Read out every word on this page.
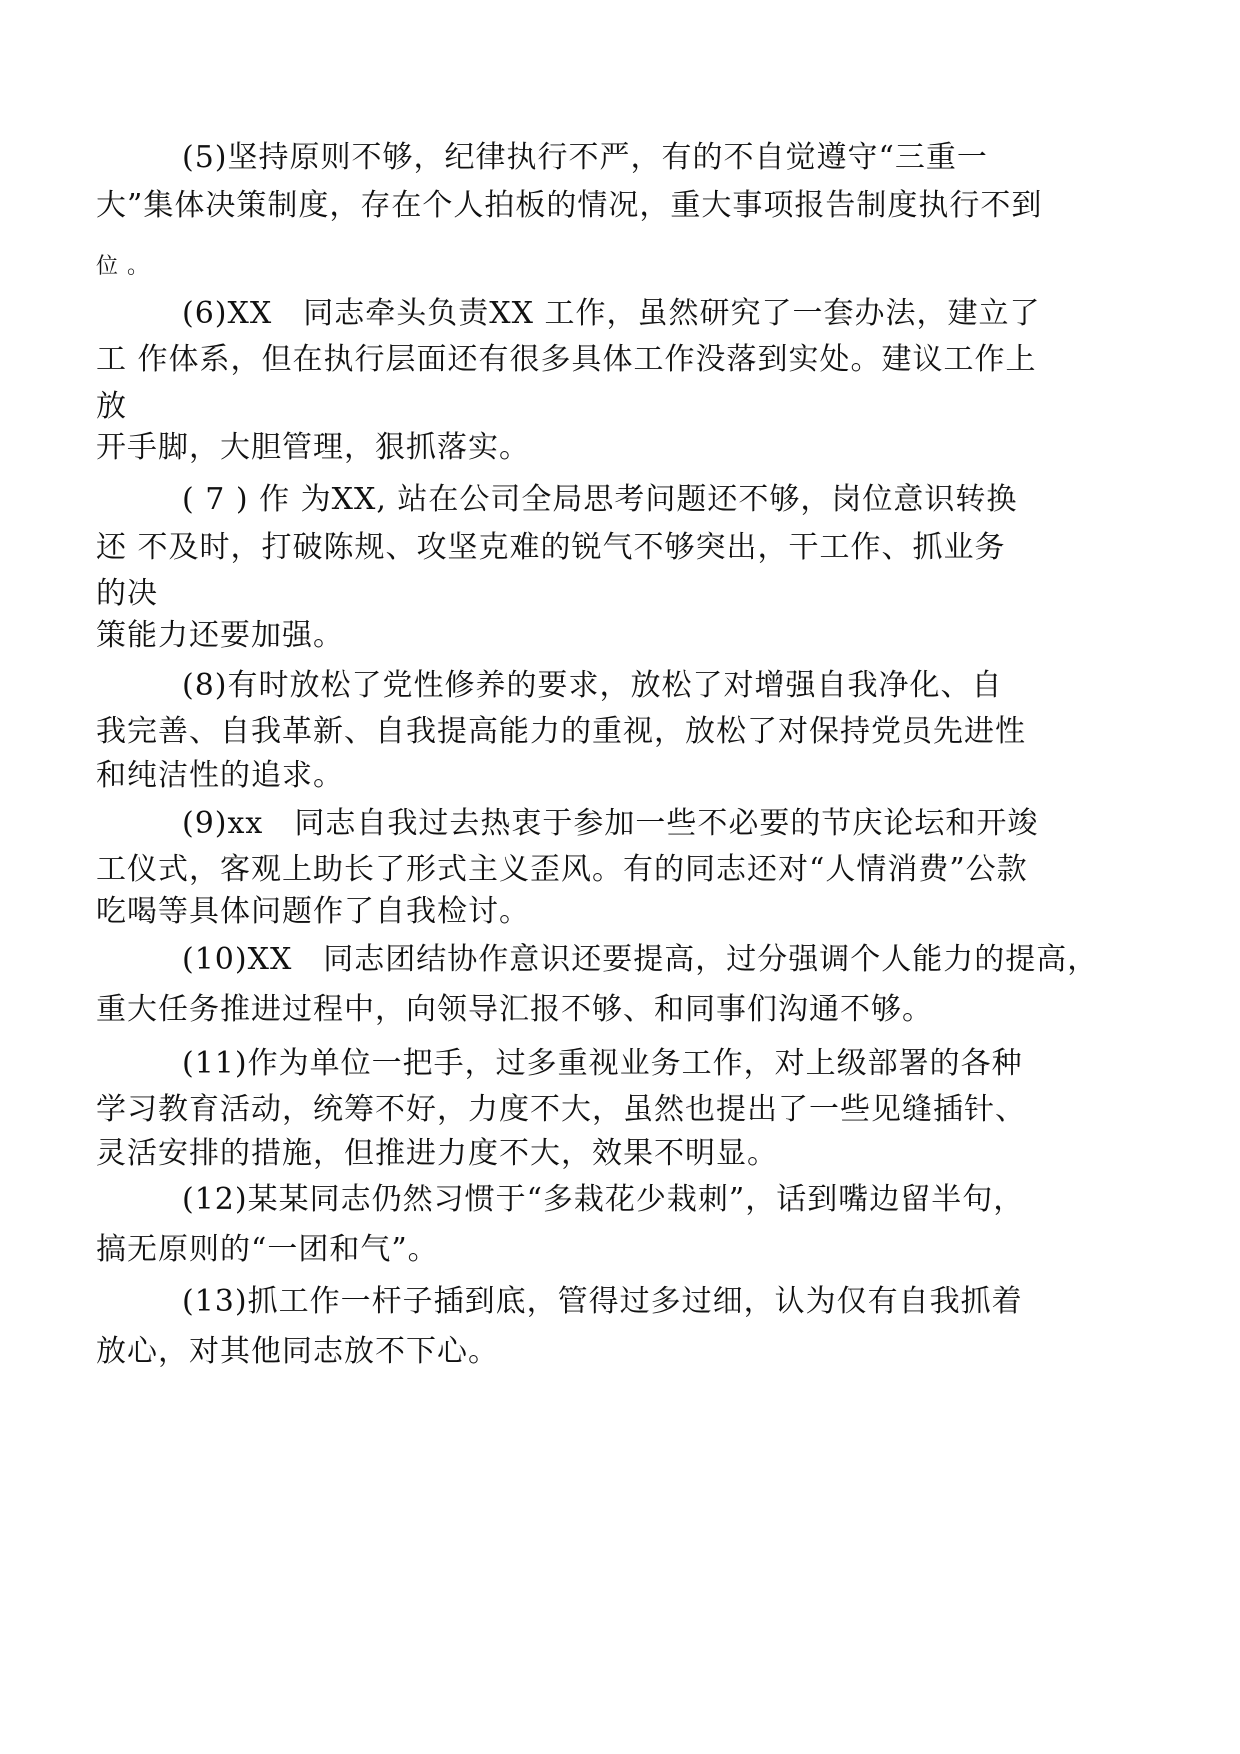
(5)坚持原则不够，纪律执行不严，有的不自觉遵守“三重一

大”集体决策制度，存在个人拍板的情况，重大事项报告制度执行不到

位 。

(6)XX　同志牵头负责XX 工作，虽然研究了一套办法，建立了

工 作体系，但在执行层面还有很多具体工作没落到实处。建议工作上

放

开手脚，大胆管理，狠抓落实。

( 7 ) 作 为XX, 站在公司全局思考问题还不够，岗位意识转换

还 不及时，打破陈规、攻坚克难的锐气不够突出，干工作、抓业务

的决

策能力还要加强。

(8)有时放松了党性修养的要求，放松了对增强自我净化、自

我完善、自我革新、自我提高能力的重视，放松了对保持党员先进性

和纯洁性的追求。

(9)xx　同志自我过去热衷于参加一些不必要的节庆论坛和开竣

工仪式，客观上助长了形式主义歪风。有的同志还对“人情消费”公款

吃喝等具体问题作了自我检讨。

(10)XX　同志团结协作意识还要提高，过分强调个人能力的提高，

重大任务推进过程中，向领导汇报不够、和同事们沟通不够。

(11)作为单位一把手，过多重视业务工作，对上级部署的各种

学习教育活动，统筹不好，力度不大，虽然也提出了一些见缝插针、

灵活安排的措施，但推进力度不大，效果不明显。

(12)某某同志仍然习惯于“多栽花少栽刺”，话到嘴边留半句，

搞无原则的“一团和气”。

(13)抓工作一杆子插到底，管得过多过细，认为仅有自我抓着

放心，对其他同志放不下心。
